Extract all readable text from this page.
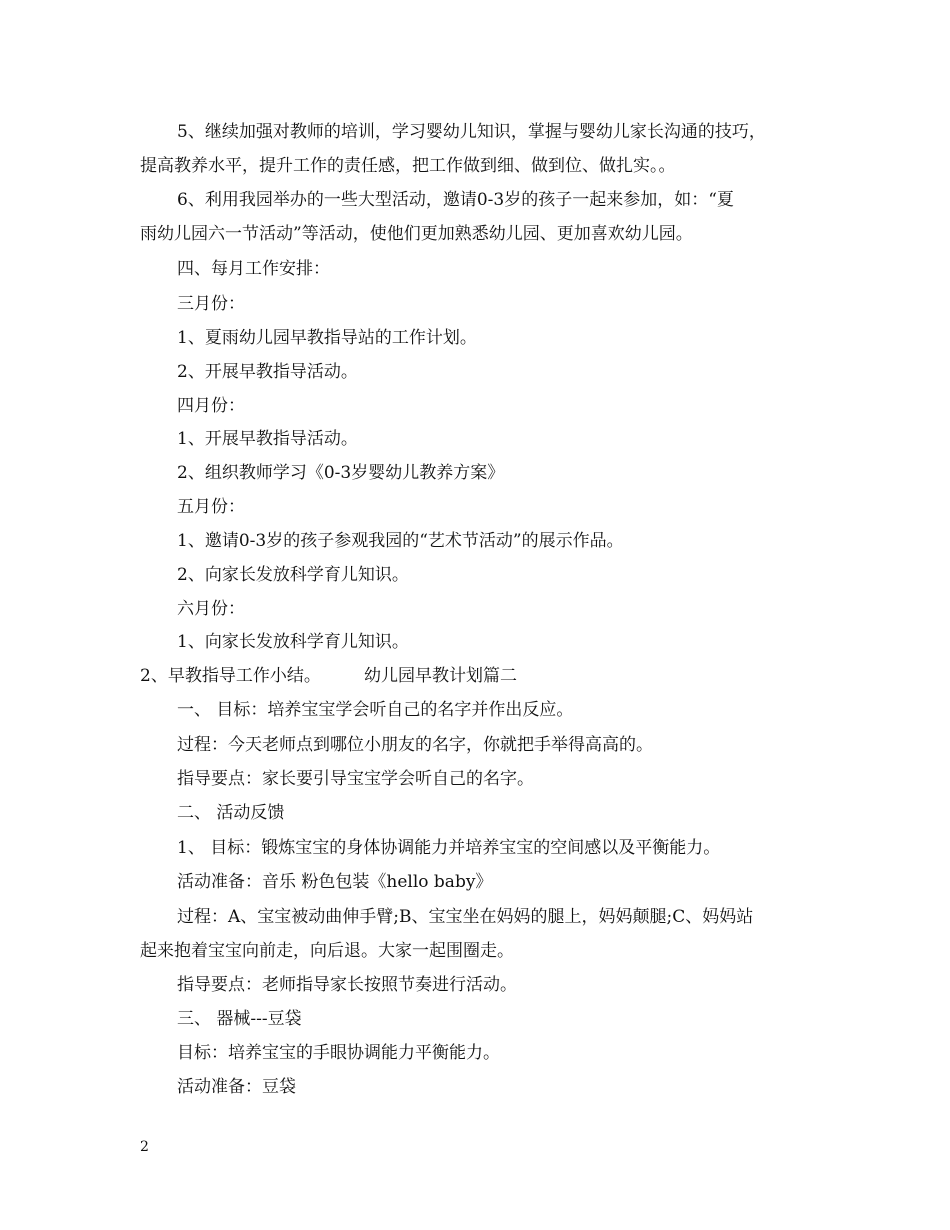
5、继续加强对教师的培训，学习婴幼儿知识，掌握与婴幼儿家长沟通的技巧，
提高教养水平，提升工作的责任感，把工作做到细、做到位、做扎实。。
6、利用我园举办的一些大型活动，邀请0-3岁的孩子一起来参加，如：“夏
雨幼儿园六一节活动”等活动，使他们更加熟悉幼儿园、更加喜欢幼儿园。
四、每月工作安排：
三月份：
1、夏雨幼儿园早教指导站的工作计划。
2、开展早教指导活动。
四月份：
1、开展早教指导活动。
2、组织教师学习《0-3岁婴幼儿教养方案》
五月份：
1、邀请0-3岁的孩子参观我园的“艺术节活动”的展示作品。
2、向家长发放科学育儿知识。
六月份：
1、向家长发放科学育儿知识。
2、早教指导工作小结。        幼儿园早教计划篇二
一、 目标：培养宝宝学会听自己的名字并作出反应。
过程：今天老师点到哪位小朋友的名字，你就把手举得高高的。
指导要点：家长要引导宝宝学会听自己的名字。
二、 活动反馈
1、 目标：锻炼宝宝的身体协调能力并培养宝宝的空间感以及平衡能力。
活动准备：音乐 粉色包装《hello baby》
过程：A、宝宝被动曲伸手臂;B、宝宝坐在妈妈的腿上，妈妈颠腿;C、妈妈站
起来抱着宝宝向前走，向后退。大家一起围圈走。
指导要点：老师指导家长按照节奏进行活动。
三、 器械---豆袋
目标：培养宝宝的手眼协调能力平衡能力。
活动准备：豆袋
2
